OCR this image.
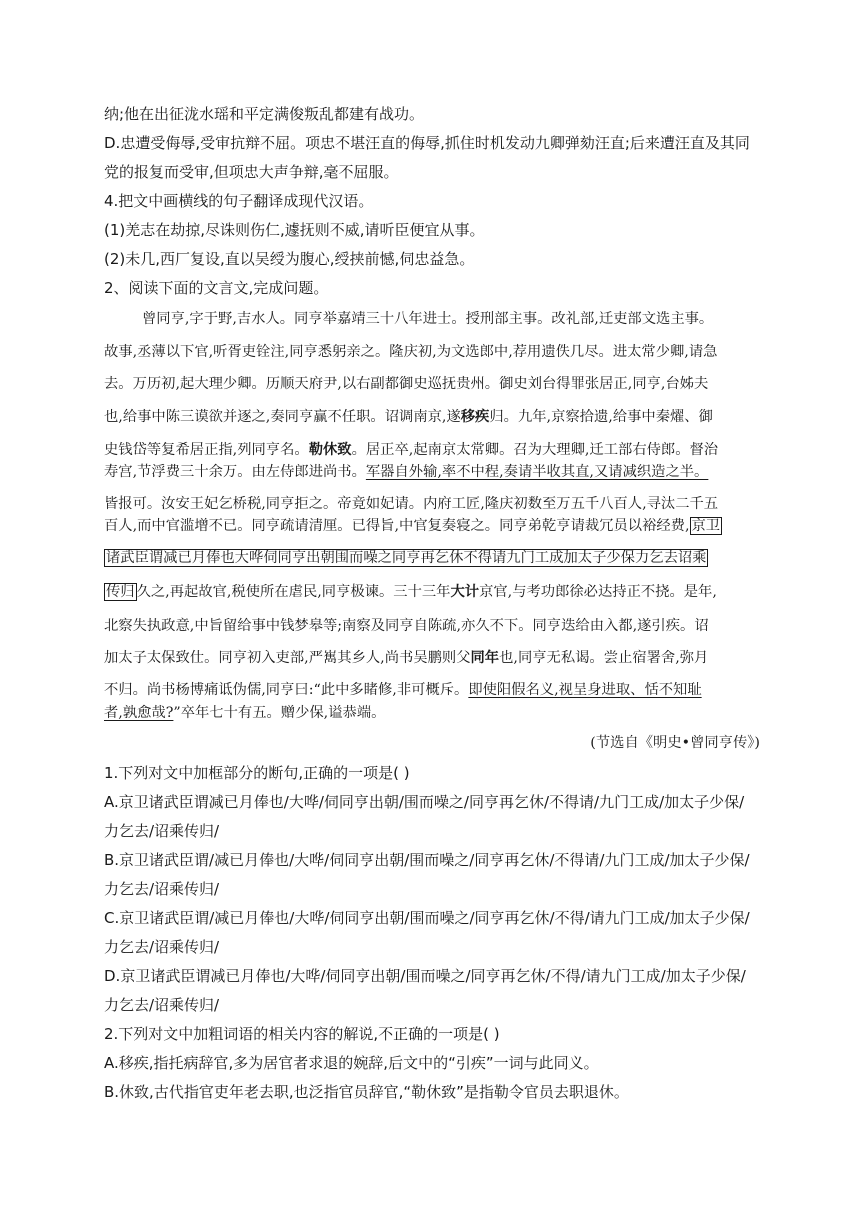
纳;他在出征泷水瑶和平定满俊叛乱都建有战功。
D.忠遭受侮辱,受审抗辩不屈。项忠不堪汪直的侮辱,抓住时机发动九卿弹劾汪直;后来遭汪直及其同
党的报复而受审,但项忠大声争辩,毫不屈服。
4.把文中画横线的句子翻译成现代汉语。
(1)羌志在劫掠,尽诛则伤仁,遽抚则不威,请听臣便宜从事。
(2)未几,西厂复设,直以吴绶为腹心,绶挟前憾,伺忠益急。
2、阅读下面的文言文,完成问题。
曾同亨,字于野,吉水人。同亨举嘉靖三十八年进士。授刑部主事。改礼部,迁吏部文选主事。
故事,丞薄以下官,听胥吏铨注,同亨悉躬亲之。隆庆初,为文选郎中,荐用遗佚几尽。进太常少卿,请急
去。万历初,起大理少卿。历顺天府尹,以右副都御史巡抚贵州。御史刘台得罪张居正,同亨,台姊夫
也,给事中陈三谟欲并逐之,奏同亨赢不任职。诏调南京,遂移疾归。九年,京察拾遗,给事中秦燿、御
史钱岱等复希居正指,列同亨名。勒休致。居正卒,起南京太常卿。召为大理卿,迁工部右侍郎。督治
寿宫,节浮费三十余万。由左侍郎进尚书。军器自外输,率不中程,奏请半收其直,又请减织造之半。
皆报可。汝安王妃乞桥税,同亨拒之。帝竟如妃请。内府工匠,隆庆初数至万五千八百人,寻汰二千五
百人,而中官滥增不已。同亨疏请清厘。已得旨,中官复奏寝之。同亨弟乾亨请裁冗员以裕经费, 京卫
诸武臣谓减已月俸也大哗伺同亨出朝围而噪之同亨再乞休不得请九门工成加太子少保力乞去诏乘
传归 久之,再起故官,税使所在虐民,同亨极谏。三十三年大计京官,与考功郎徐必达持正不挠。是年,
北察失执政意,中旨留给事中钱梦皋等;南察及同亨自陈疏,亦久不下。同亨迭给由入都,遂引疾。诏
加太子太保致仕。同亨初入吏部,严嶲其乡人,尚书吴鹏则父同年也,同亨无私谒。尝止宿署舍,弥月
不归。尚书杨博痛诋伪儒,同亨曰:“此中多睹修,非可概斥。即使阳假名义,视呈身进取、恬不知耻
者,孰愈哉?”卒年七十有五。赠少保,谥恭端。
(节选自《明史•曾同亨传》)
1.下列对文中加框部分的断句,正确的一项是( )
A.京卫诸武臣谓减已月俸也/大哗/伺同亨出朝/围而噪之/同亨再乞休/不得请/九门工成/加太子少保/
力乞去/诏乘传归/
B.京卫诸武臣谓/减已月俸也/大哗/伺同亨出朝/围而噪之/同亨再乞休/不得请/九门工成/加太子少保/
力乞去/诏乘传归/
C.京卫诸武臣谓/减已月俸也/大哗/伺同亨出朝/围而噪之/同亨再乞休/不得/请九门工成/加太子少保/
力乞去/诏乘传归/
D.京卫诸武臣谓减已月俸也/大哗/伺同亨出朝/围而噪之/同亨再乞休/不得/请九门工成/加太子少保/
力乞去/诏乘传归/
2.下列对文中加粗词语的相关内容的解说,不正确的一项是( )
A.移疾,指托病辞官,多为居官者求退的婉辞,后文中的“引疾”一词与此同义。
B.休致,古代指官吏年老去职,也泛指官员辞官,“勒休致”是指勒令官员去职退休。
